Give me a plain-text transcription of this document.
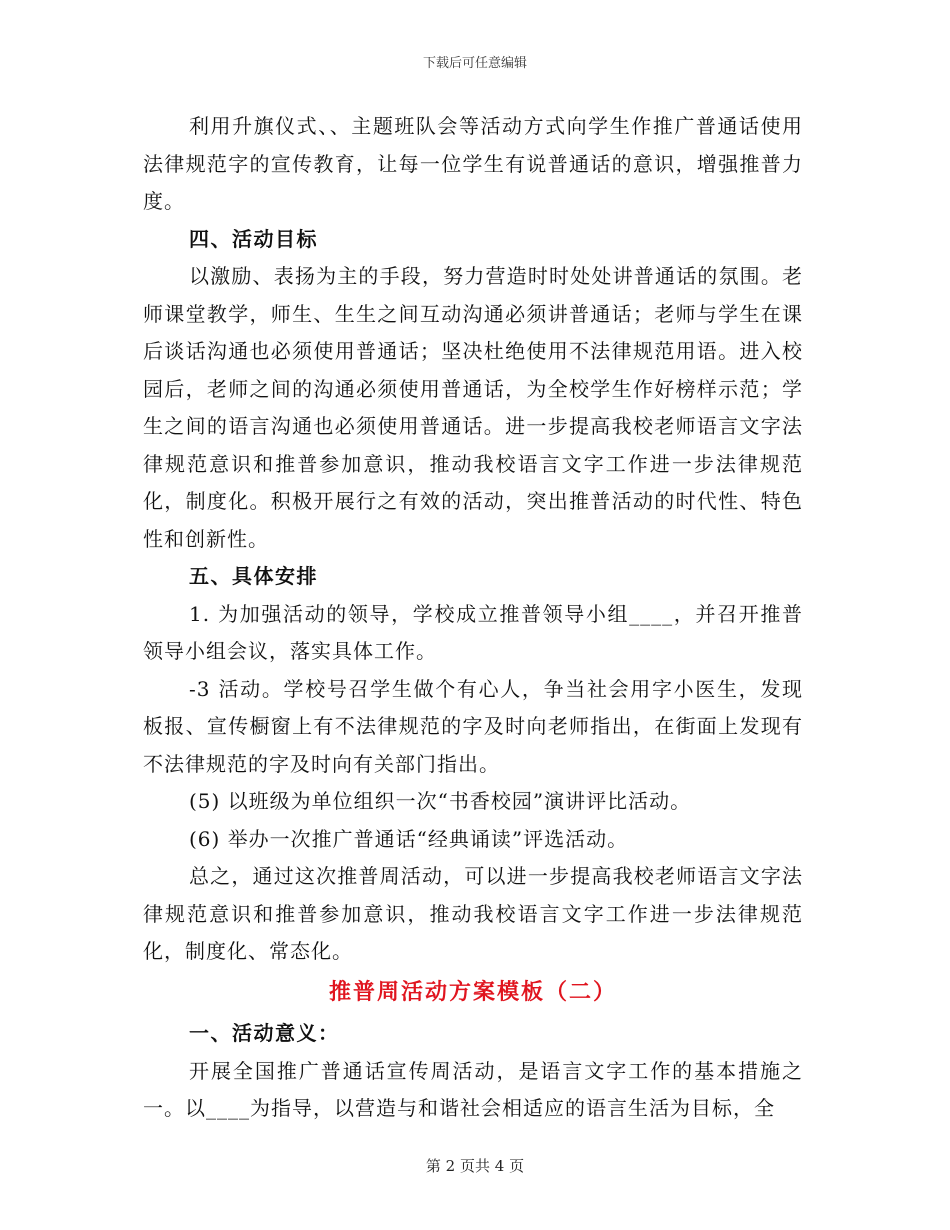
下载后可任意编辑

利用升旗仪式、、主题班队会等活动方式向学生作推广普通话使用法律规范字的宣传教育，让每一位学生有说普通话的意识，增强推普力度。

四、活动目标

以激励、表扬为主的手段，努力营造时时处处讲普通话的氛围。老师课堂教学，师生、生生之间互动沟通必须讲普通话；老师与学生在课后谈话沟通也必须使用普通话；坚决杜绝使用不法律规范用语。进入校园后，老师之间的沟通必须使用普通话，为全校学生作好榜样示范；学生之间的语言沟通也必须使用普通话。进一步提高我校老师语言文字法律规范意识和推普参加意识，推动我校语言文字工作进一步法律规范化，制度化。积极开展行之有效的活动，突出推普活动的时代性、特色性和创新性。

五、具体安排

1. 为加强活动的领导，学校成立推普领导小组____，并召开推普领导小组会议，落实具体工作。

-3 活动。学校号召学生做个有心人，争当社会用字小医生，发现板报、宣传橱窗上有不法律规范的字及时向老师指出，在街面上发现有不法律规范的字及时向有关部门指出。

(5) 以班级为单位组织一次“书香校园”演讲评比活动。

(6) 举办一次推广普通话“经典诵读”评选活动。

总之，通过这次推普周活动，可以进一步提高我校老师语言文字法律规范意识和推普参加意识，推动我校语言文字工作进一步法律规范化，制度化、常态化。

推普周活动方案模板（二）

一、活动意义：

开展全国推广普通话宣传周活动，是语言文字工作的基本措施之一。以____为指导，以营造与和谐社会相适应的语言生活为目标，全

第 2 页共 4 页
